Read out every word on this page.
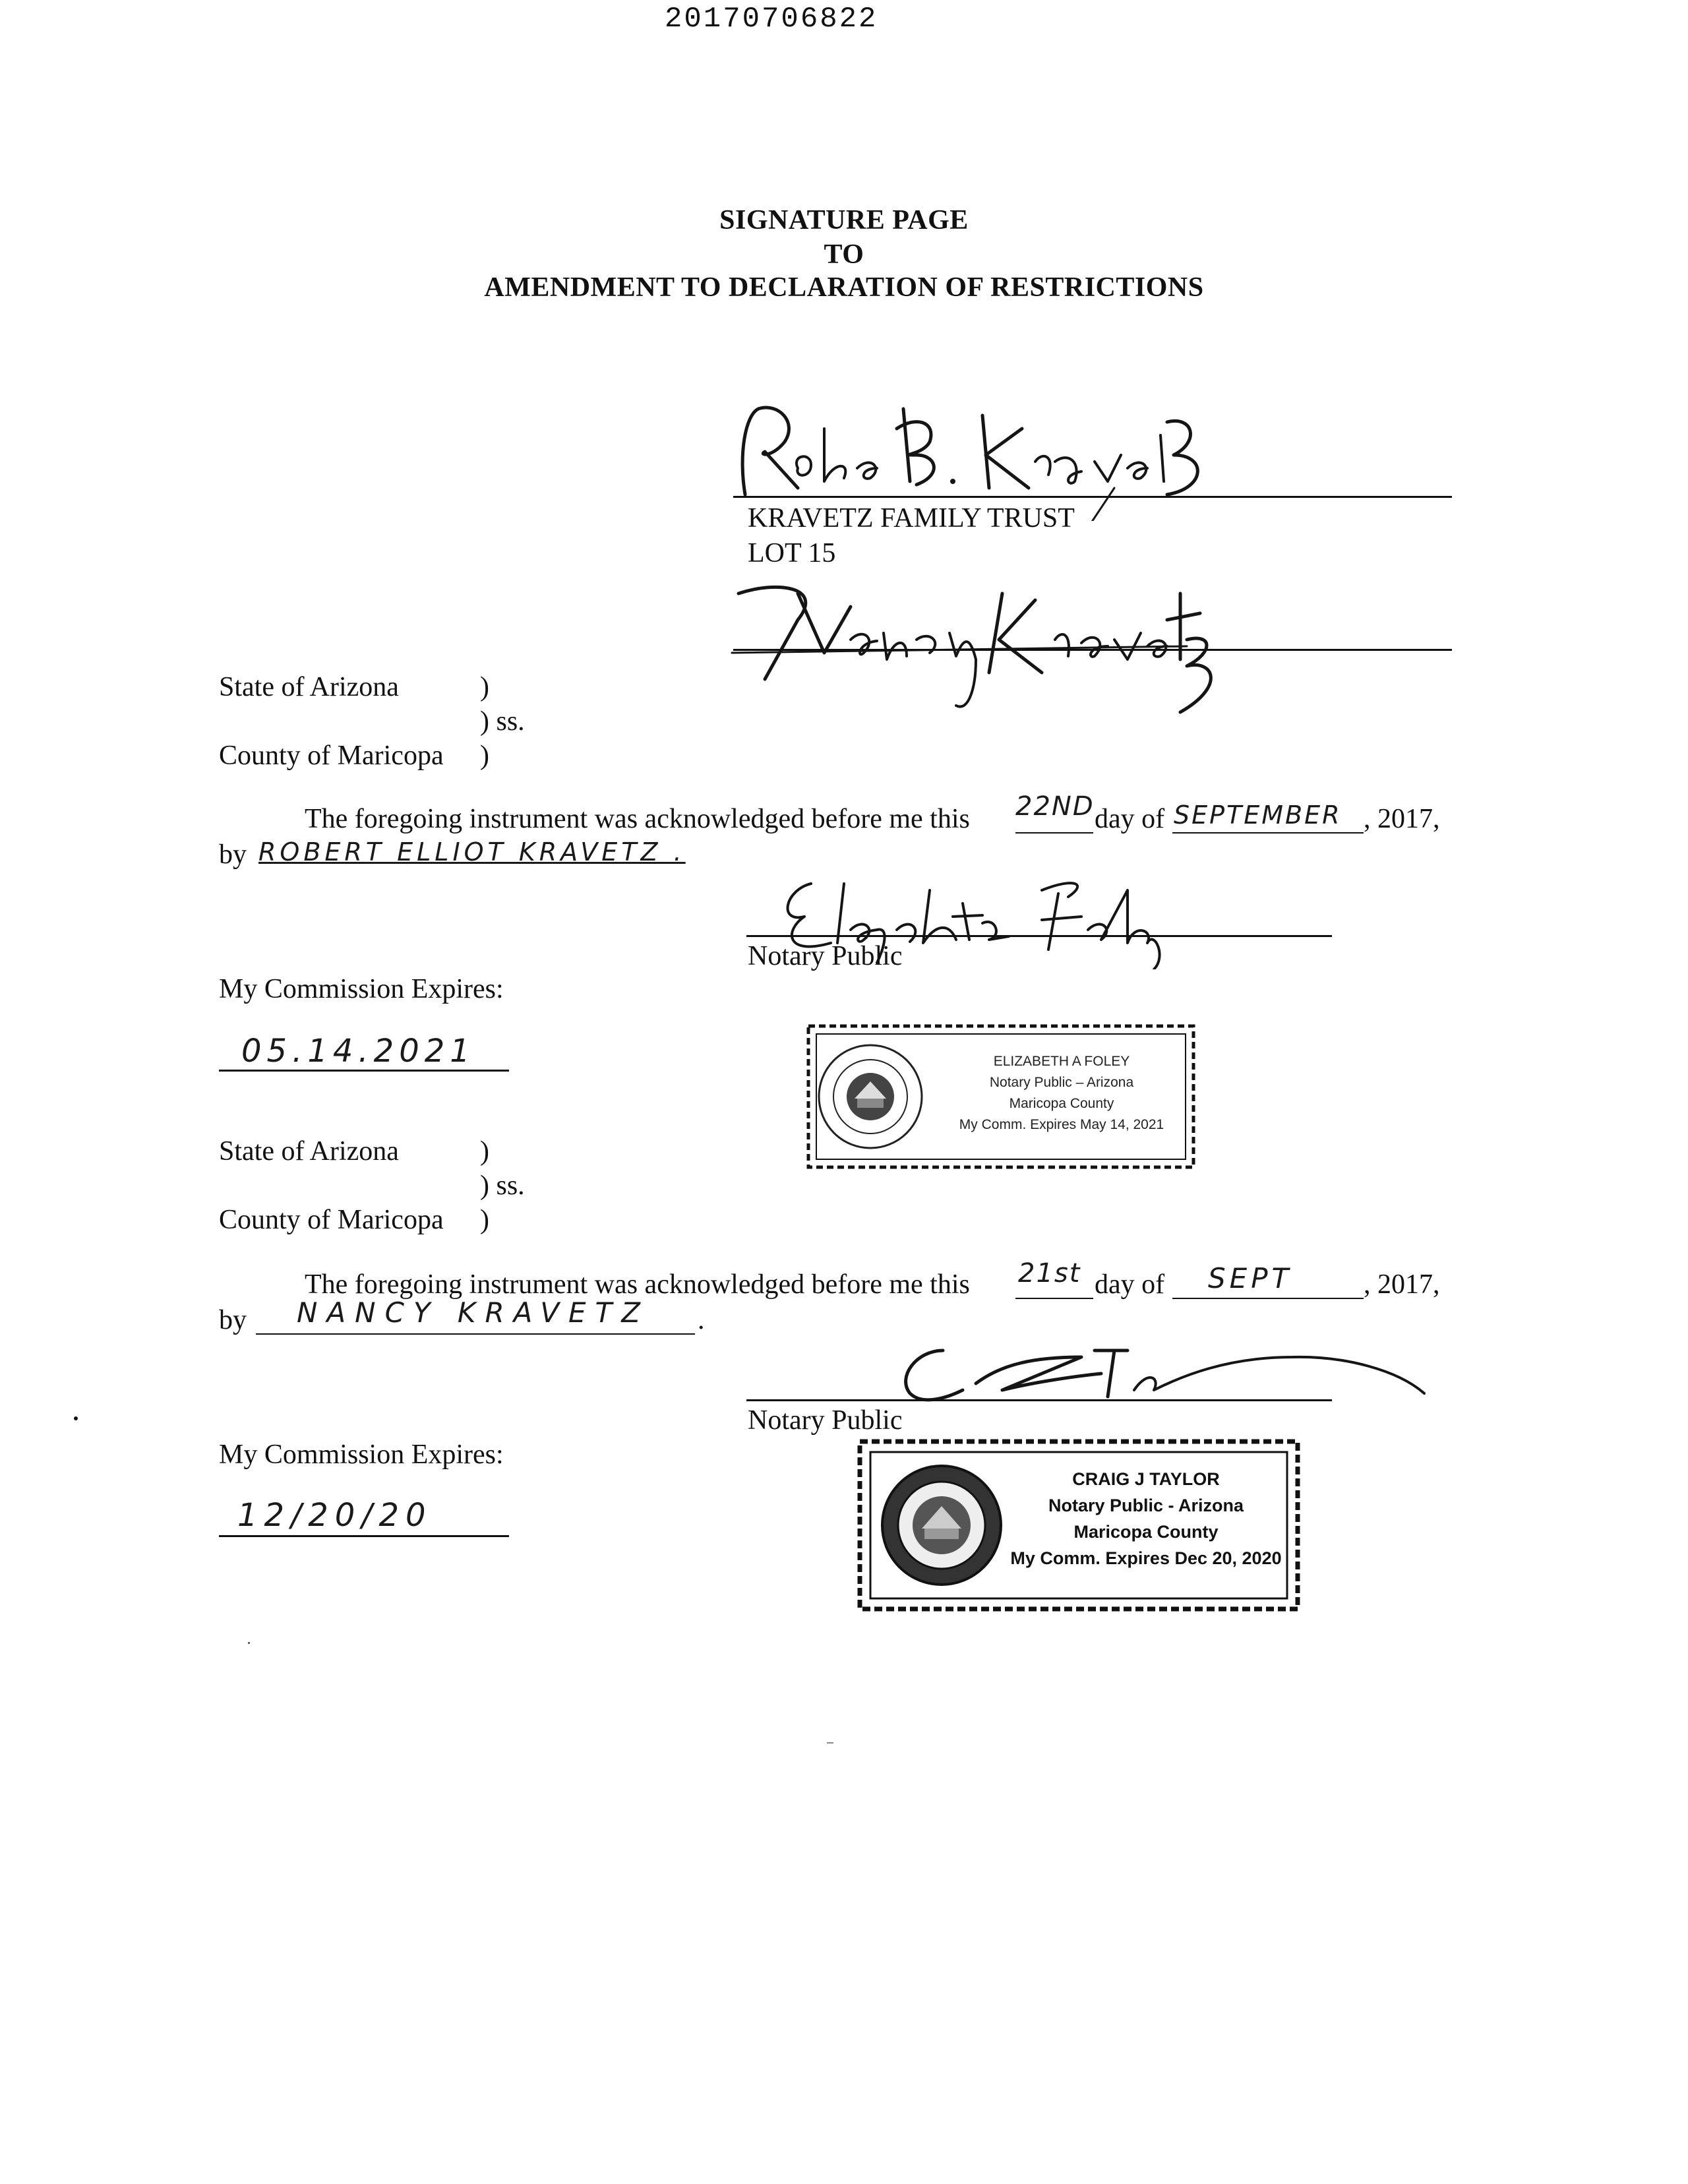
20170706822
SIGNATURE PAGE
TO
AMENDMENT TO DECLARATION OF RESTRICTIONS
KRAVETZ FAMILY TRUST
LOT 15
State of Arizona	)
) ss.
County of Maricopa )
The foregoing instrument was acknowledged before me this 22ND day of SEPTEMBER , 2017,
by ROBERT ELLIOT KRAVETZ .
Notary Public
My Commission Expires:
05.14.2021	ELIZABETH A FOLEY
Notary Public – Arizona
Maricopa County
My Comm. Expires May 14, 2021
State of Arizona	)
) ss.
County of Maricopa )
The foregoing instrument was acknowledged before me this 21st day of SEPT	, 2017,
by NANCY KRAVETZ .
Notary Public
My Commission Expires:
12/20/20
CRAIG J TAYLOR
Notary Public - Arizona
Maricopa County
My Comm. Expires Dec 20, 2020
